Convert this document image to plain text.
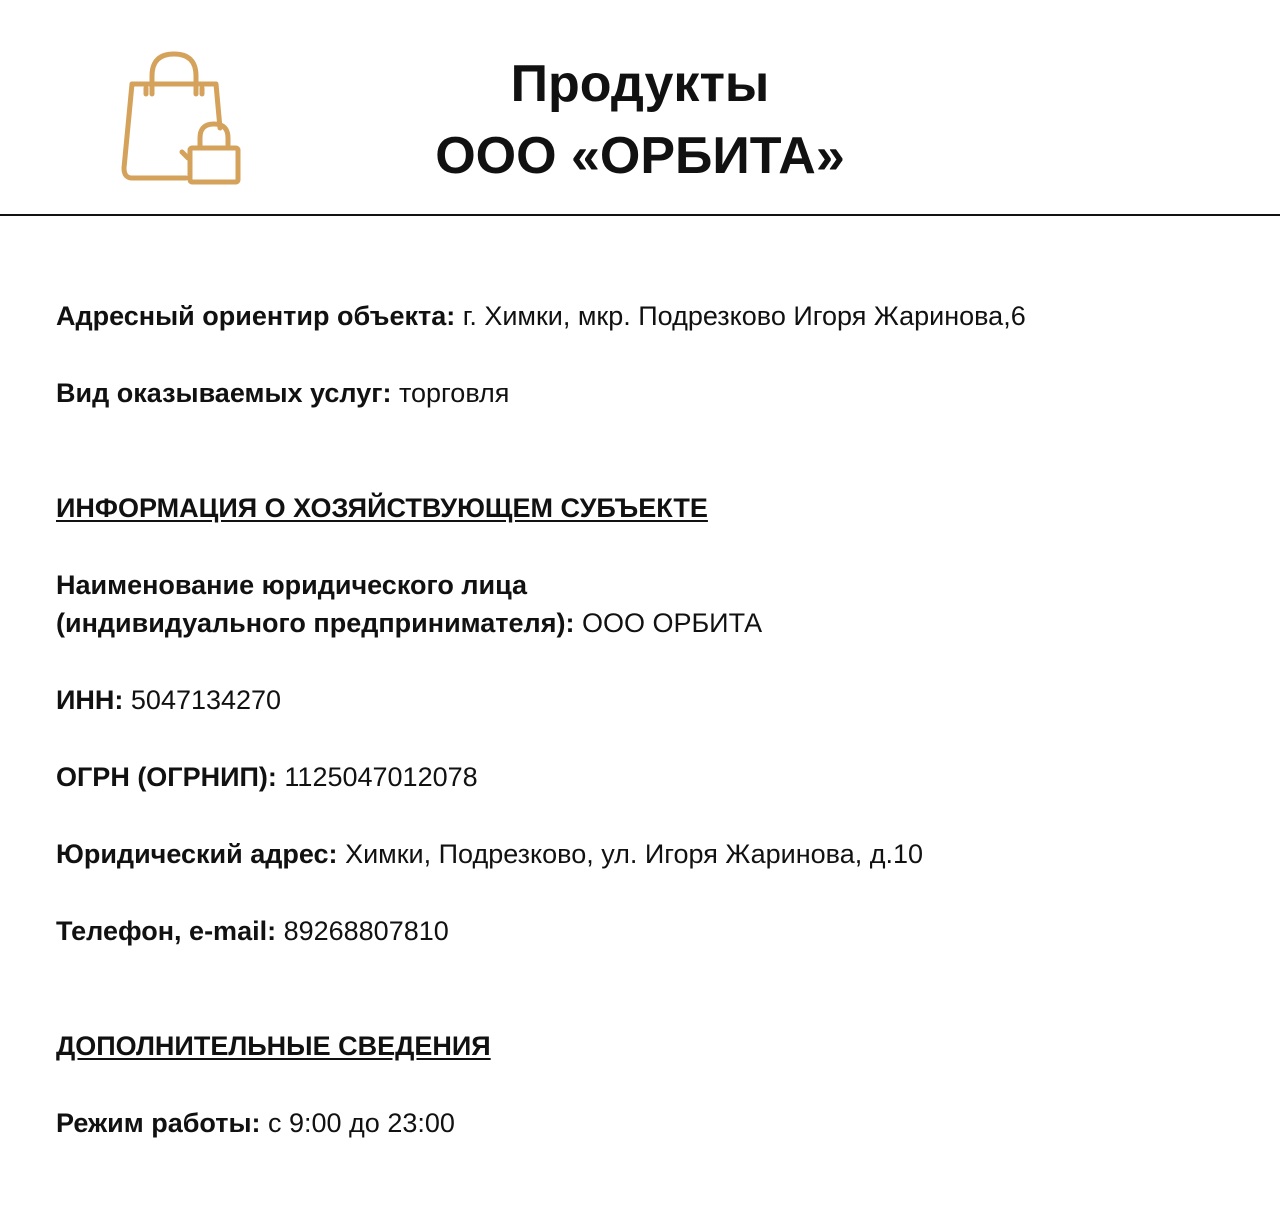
Продукты
ООО «ОРБИТА»
Адресный ориентир объекта: г. Химки, мкр. Подрезково Игоря Жаринова,6
Вид оказываемых услуг: торговля
ИНФОРМАЦИЯ О ХОЗЯЙСТВУЮЩЕМ СУБЪЕКТЕ
Наименование юридического лица
(индивидуального предпринимателя): ООО ОРБИТА
ИНН: 5047134270
ОГРН (ОГРНИП): 1125047012078
Юридический адрес: Химки, Подрезково, ул. Игоря Жаринова, д.10
Телефон, e-mail: 89268807810
ДОПОЛНИТЕЛЬНЫЕ СВЕДЕНИЯ
Режим работы: с 9:00 до 23:00
